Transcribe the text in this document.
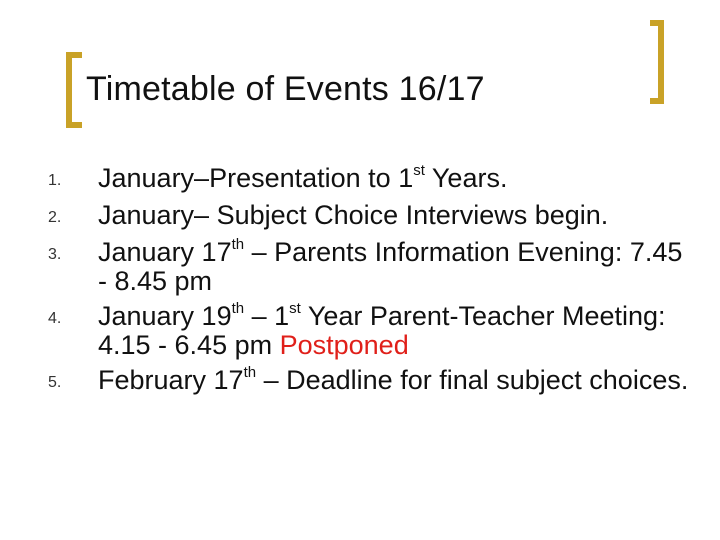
Timetable of Events 16/17
1.	January–Presentation to 1st Years.
2.	January– Subject Choice Interviews begin.
3.	January 17th – Parents Information Evening: 7.45 - 8.45 pm
4.	January 19th – 1st Year Parent-Teacher Meeting: 4.15 - 6.45 pm Postponed
5.	February 17th – Deadline for final subject choices.
